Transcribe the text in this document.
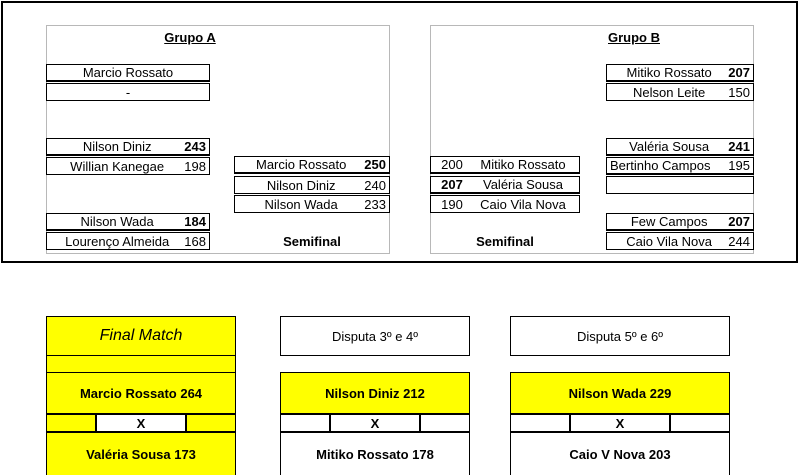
Grupo A
Marcio Rossato
-
Nilson Diniz	243
Willian Kanegae	198
Nilson Wada	184
Lourenço Almeida	168
Marcio Rossato	250
Nilson Diniz	240
Nilson Wada	233
Semifinal
Grupo B
200	Mitiko Rossato
207	Valéria Sousa
190	Caio Vila Nova
Semifinal
Mitiko Rossato	207
Nelson Leite	150
Valéria Sousa	241
Bertinho Campos	195
Few Campos	207
Caio Vila Nova	244
Final Match
Marcio Rossato 264
X
Valéria Sousa 173
Disputa 3º e 4º
Nilson Diniz 212
X
Mitiko Rossato 178
Disputa 5º e 6º
Nilson Wada 229
X
Caio V Nova 203
